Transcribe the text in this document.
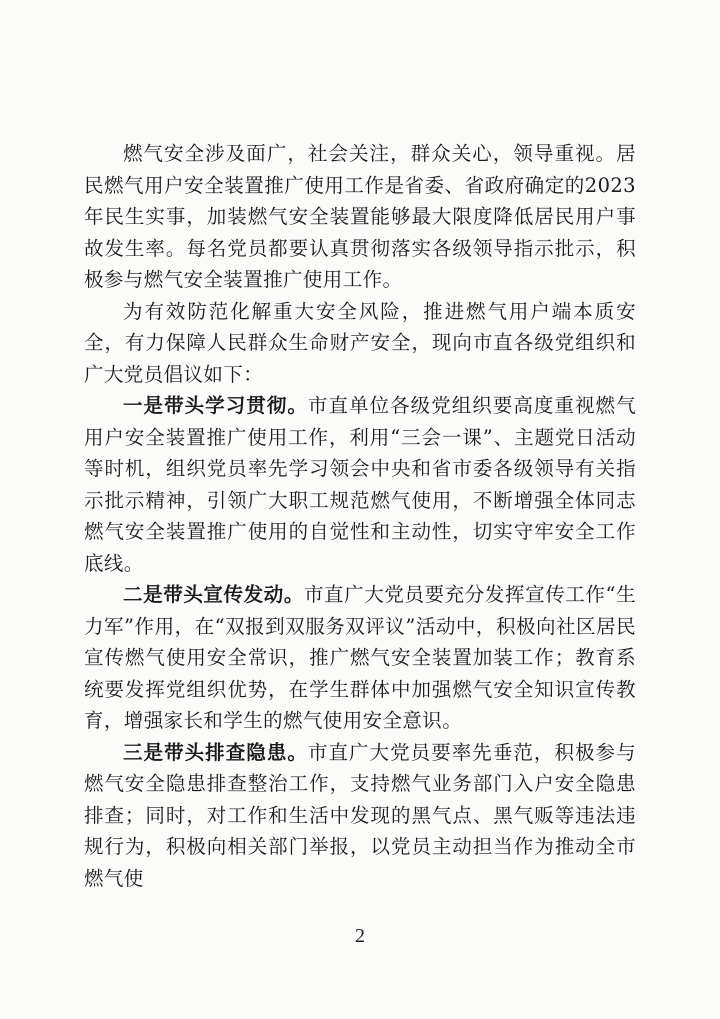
燃气安全涉及面广，社会关注，群众关心，领导重视。居民燃气用户安全装置推广使用工作是省委、省政府确定的2023年民生实事，加装燃气安全装置能够最大限度降低居民用户事故发生率。每名党员都要认真贯彻落实各级领导指示批示，积极参与燃气安全装置推广使用工作。

为有效防范化解重大安全风险，推进燃气用户端本质安全，有力保障人民群众生命财产安全，现向市直各级党组织和广大党员倡议如下：

一是带头学习贯彻。市直单位各级党组织要高度重视燃气用户安全装置推广使用工作，利用“三会一课”、主题党日活动等时机，组织党员率先学习领会中央和省市委各级领导有关指示批示精神，引领广大职工规范燃气使用，不断增强全体同志燃气安全装置推广使用的自觉性和主动性，切实守牢安全工作底线。

二是带头宣传发动。市直广大党员要充分发挥宣传工作“生力军”作用，在“双报到双服务双评议”活动中，积极向社区居民宣传燃气使用安全常识，推广燃气安全装置加装工作；教育系统要发挥党组织优势，在学生群体中加强燃气安全知识宣传教育，增强家长和学生的燃气使用安全意识。

三是带头排查隐患。市直广大党员要率先垂范，积极参与燃气安全隐患排查整治工作，支持燃气业务部门入户安全隐患排查；同时，对工作和生活中发现的黑气点、黑气贩等违法违规行为，积极向相关部门举报，以党员主动担当作为推动全市燃气使

2
